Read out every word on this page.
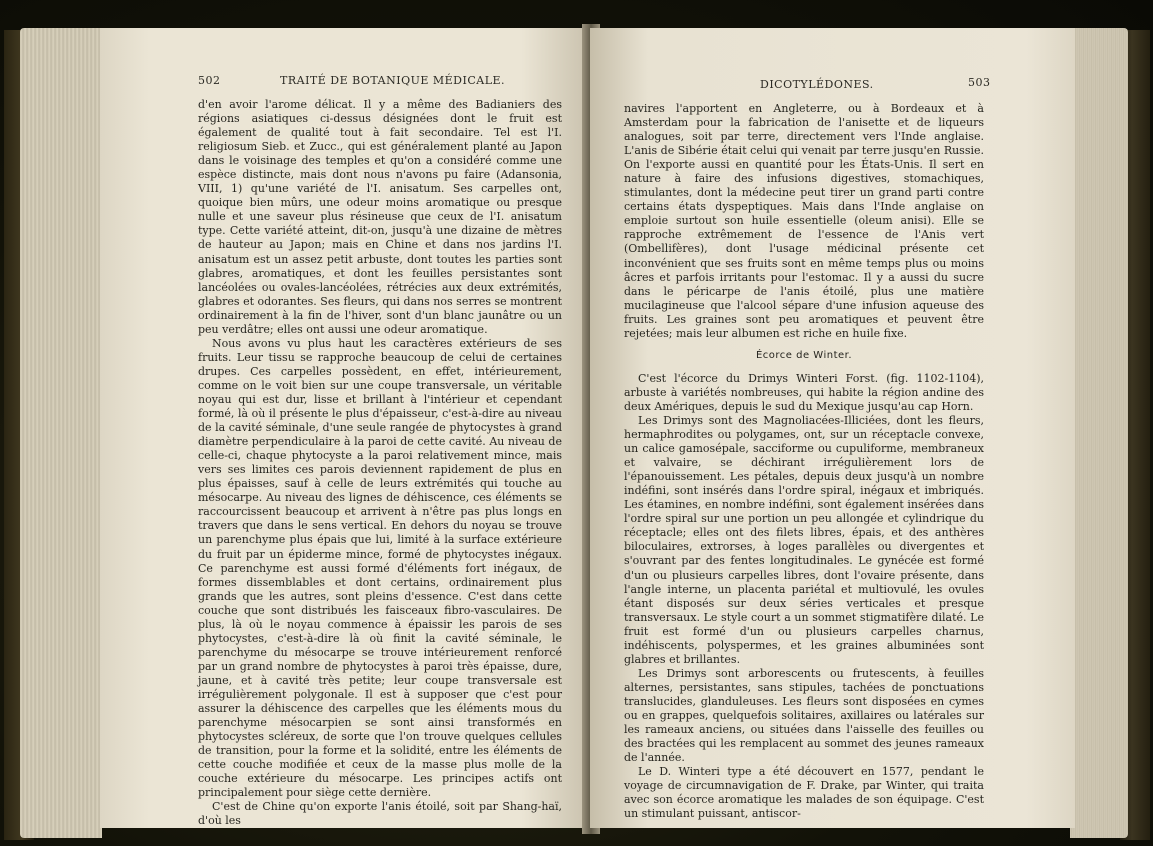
502	TRAITÉ DE BOTANIQUE MÉDICALE.

d'en avoir l'arome délicat. Il y a même des Badianiers des régions asiatiques ci-dessus désignées dont le fruit est également de qualité tout à fait secondaire. Tel est l'I. religiosum Sieb. et Zucc., qui est généralement planté au Japon dans le voisinage des temples et qu'on a considéré comme une espèce distincte, mais dont nous n'avons pu faire (Adansonia, VIII, 1) qu'une variété de l'I. anisatum. Ses carpelles ont, quoique bien mûrs, une odeur moins aromatique ou presque nulle et une saveur plus résineuse que ceux de l'I. anisatum type. Cette variété atteint, dit-on, jusqu'à une dizaine de mètres de hauteur au Japon; mais en Chine et dans nos jardins l'I. anisatum est un assez petit arbuste, dont toutes les parties sont glabres, aromatiques, et dont les feuilles persistantes sont lancéolées ou ovales-lancéolées, rétrécies aux deux extrémités, glabres et odorantes. Ses fleurs, qui dans nos serres se montrent ordinairement à la fin de l'hiver, sont d'un blanc jaunâtre ou un peu verdâtre; elles ont aussi une odeur aromatique.

Nous avons vu plus haut les caractères extérieurs de ses fruits. Leur tissu se rapproche beaucoup de celui de certaines drupes. Ces carpelles possèdent, en effet, intérieurement, comme on le voit bien sur une coupe transversale, un véritable noyau qui est dur, lisse et brillant à l'intérieur et cependant formé, là où il présente le plus d'épaisseur, c'est-à-dire au niveau de la cavité séminale, d'une seule rangée de phytocystes à grand diamètre perpendiculaire à la paroi de cette cavité. Au niveau de celle-ci, chaque phytocyste a la paroi relativement mince, mais vers ses limites ces parois deviennent rapidement de plus en plus épaisses, sauf à celle de leurs extrémités qui touche au mésocarpe. Au niveau des lignes de déhiscence, ces éléments se raccourcissent beaucoup et arrivent à n'être pas plus longs en travers que dans le sens vertical. En dehors du noyau se trouve un parenchyme plus épais que lui, limité à la surface extérieure du fruit par un épiderme mince, formé de phytocystes inégaux. Ce parenchyme est aussi formé d'éléments fort inégaux, de formes dissemblables et dont certains, ordinairement plus grands que les autres, sont pleins d'essence. C'est dans cette couche que sont distribués les faisceaux fibro-vasculaires. De plus, là où le noyau commence à épaissir les parois de ses phytocystes, c'est-à-dire là où finit la cavité séminale, le parenchyme du mésocarpe se trouve intérieurement renforcé par un grand nombre de phytocystes à paroi très épaisse, dure, jaune, et à cavité très petite; leur coupe transversale est irrégulièrement polygonale. Il est à supposer que c'est pour assurer la déhiscence des carpelles que les éléments mous du parenchyme mésocarpien se sont ainsi transformés en phytocystes scléreux, de sorte que l'on trouve quelques cellules de transition, pour la forme et la solidité, entre les éléments de cette couche modifiée et ceux de la masse plus molle de la couche extérieure du mésocarpe. Les principes actifs ont principalement pour siège cette dernière.

C'est de Chine qu'on exporte l'anis étoilé, soit par Shang-haï, d'où les

DICOTYLÉDONES.	503

navires l'apportent en Angleterre, ou à Bordeaux et à Amsterdam pour la fabrication de l'anisette et de liqueurs analogues, soit par terre, directement vers l'Inde anglaise. L'anis de Sibérie était celui qui venait par terre jusqu'en Russie. On l'exporte aussi en quantité pour les États-Unis. Il sert en nature à faire des infusions digestives, stomachiques, stimulantes, dont la médecine peut tirer un grand parti contre certains états dyspeptiques. Mais dans l'Inde anglaise on emploie surtout son huile essentielle (oleum anisi). Elle se rapproche extrêmement de l'essence de l'Anis vert (Ombellifères), dont l'usage médicinal présente cet inconvénient que ses fruits sont en même temps plus ou moins âcres et parfois irritants pour l'estomac. Il y a aussi du sucre dans le péricarpe de l'anis étoilé, plus une matière mucilagineuse que l'alcool sépare d'une infusion aqueuse des fruits. Les graines sont peu aromatiques et peuvent être rejetées; mais leur albumen est riche en huile fixe.

Écorce de Winter.

C'est l'écorce du Drimys Winteri Forst. (fig. 1102-1104), arbuste à variétés nombreuses, qui habite la région andine des deux Amériques, depuis le sud du Mexique jusqu'au cap Horn.

Les Drimys sont des Magnoliacées-Illiciées, dont les fleurs, hermaphrodites ou polygames, ont, sur un réceptacle convexe, un calice gamosépale, sacciforme ou cupuliforme, membraneux et valvaire, se déchirant irrégulièrement lors de l'épanouissement. Les pétales, depuis deux jusqu'à un nombre indéfini, sont insérés dans l'ordre spiral, inégaux et imbriqués. Les étamines, en nombre indéfini, sont également insérées dans l'ordre spiral sur une portion un peu allongée et cylindrique du réceptacle; elles ont des filets libres, épais, et des anthères biloculaires, extrorses, à loges parallèles ou divergentes et s'ouvrant par des fentes longitudinales. Le gynécée est formé d'un ou plusieurs carpelles libres, dont l'ovaire présente, dans l'angle interne, un placenta pariétal et multiovulé, les ovules étant disposés sur deux séries verticales et presque transversaux. Le style court a un sommet stigmatifère dilaté. Le fruit est formé d'un ou plusieurs carpelles charnus, indéhiscents, polyspermes, et les graines albuminées sont glabres et brillantes.

Les Drimys sont arborescents ou frutescents, à feuilles alternes, persistantes, sans stipules, tachées de ponctuations translucides, glanduleuses. Les fleurs sont disposées en cymes ou en grappes, quelquefois solitaires, axillaires ou latérales sur les rameaux anciens, ou situées dans l'aisselle des feuilles ou des bractées qui les remplacent au sommet des jeunes rameaux de l'année.

Le D. Winteri type a été découvert en 1577, pendant le voyage de circumnavigation de F. Drake, par Winter, qui traita avec son écorce aromatique les malades de son équipage. C'est un stimulant puissant, antiscor-
